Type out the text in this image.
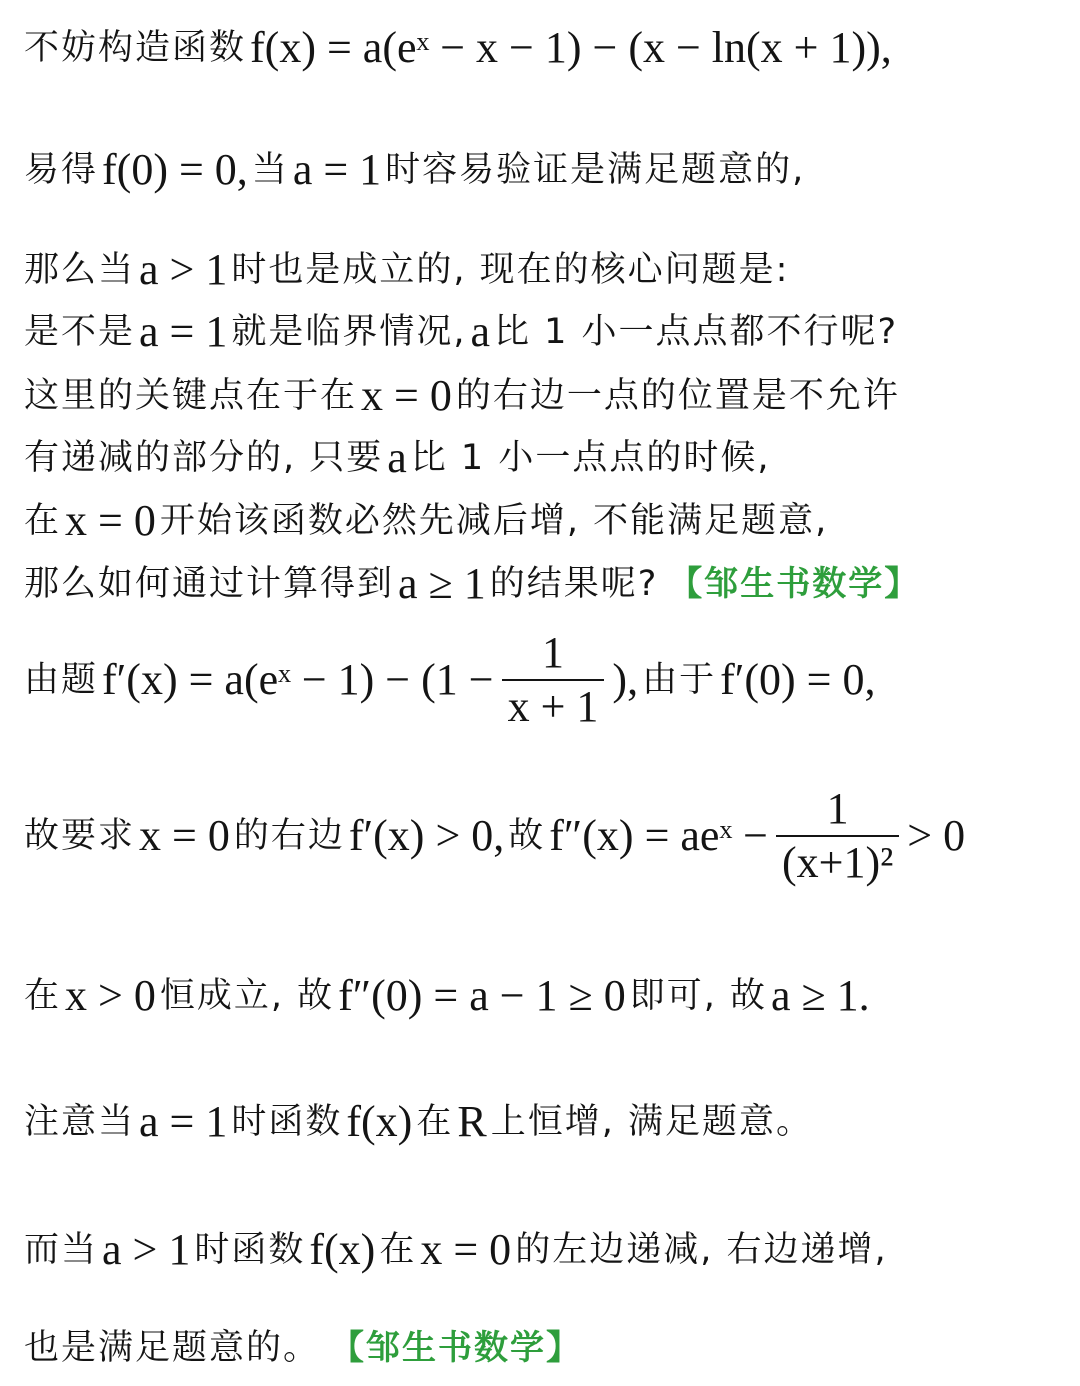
不妨构造函数 f(x) = a(eˣ − x − 1) − (x − ln(x + 1)),
易得 f(0) = 0, 当 a = 1 时容易验证是满足题意的,
那么当 a > 1 时也是成立的, 现在的核心问题是:
是不是 a = 1 就是临界情况, a 比 1 小一点点都不行呢?
这里的关键点在于在 x = 0 的右边一点的位置是不允许
有递减的部分的, 只要 a 比 1 小一点点的时候,
在 x = 0 开始该函数必然先减后增, 不能满足题意,
那么如何通过计算得到 a ≥ 1 的结果呢? 【邹生书数学】
由题 f′(x) = a(eˣ − $1) - (1 - \frac{1}{x + 1}$ ), 由于 f′(0) = 0,
故要求 x = 0 的右边 f′(x) > 0, 故 f″(x) = aeˣ − $\frac{1}{\text{(x+1)²}} > 0$
在 x > 0 恒成立, 故 f″(0) = a − 1 ≥ 0 即可, 故 a ≥ 1.
注意当 a = 1 时函数 f(x) 在 R 上恒增, 满足题意。
而当 a > 1 时函数 f(x) 在 x = 0 的左边递减, 右边递增,
也是满足题意的。 【邹生书数学】
